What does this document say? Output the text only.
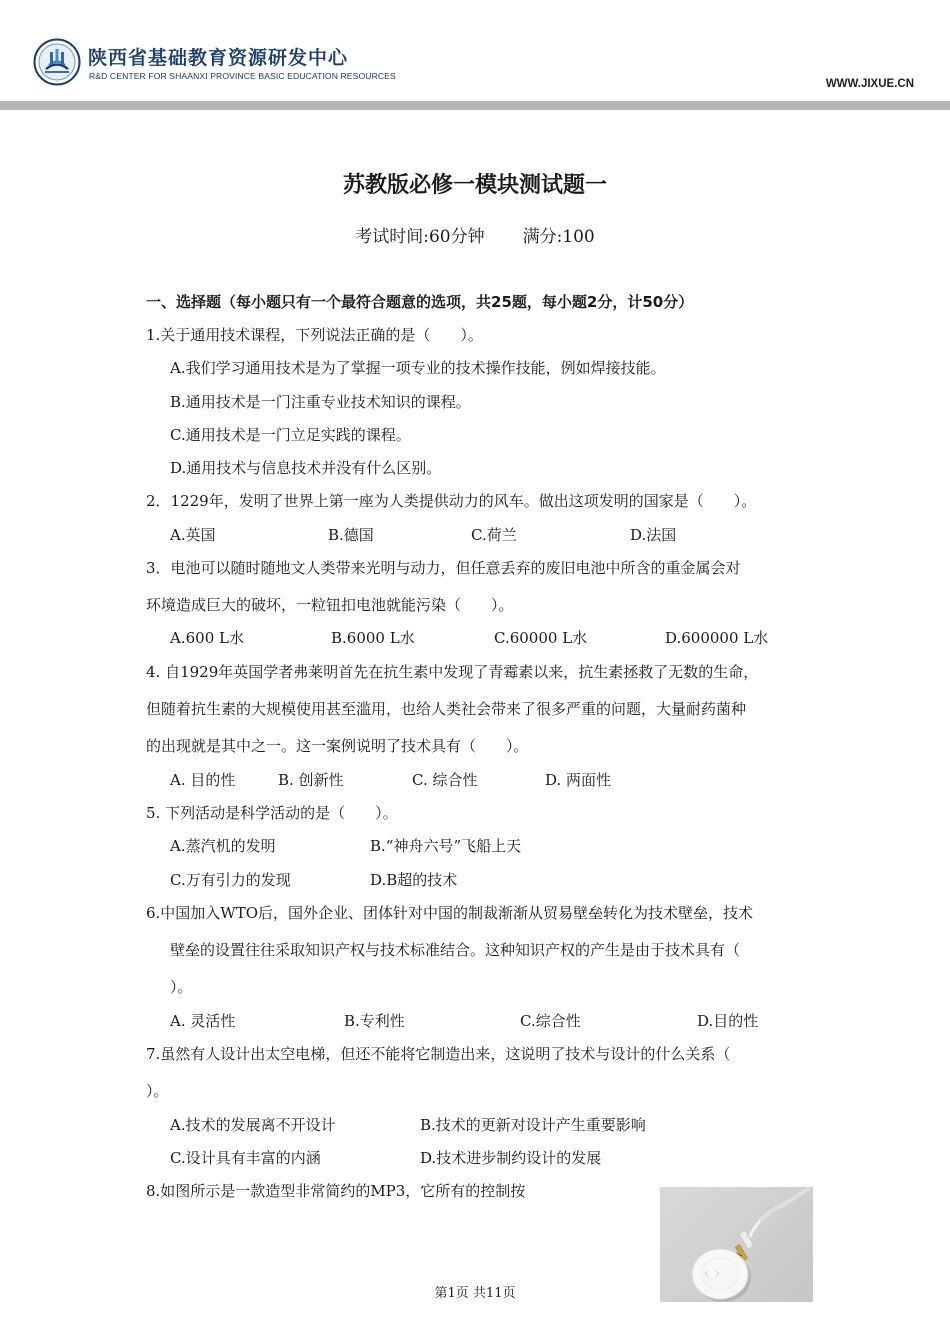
陕西省基础教育资源研发中心
R&D CENTER FOR SHAANXI PROVINCE BASIC EDUCATION RESOURCES
WWW.JIXUE.CN
苏教版必修一模块测试题一
考试时间:60分钟 满分:100
一、选择题（每小题只有一个最符合题意的选项，共25题，每小题2分，计50分）
1.关于通用技术课程，下列说法正确的是（　　）。
A.我们学习通用技术是为了掌握一项专业的技术操作技能，例如焊接技能。
B.通用技术是一门注重专业技术知识的课程。
C.通用技术是一门立足实践的课程。
D.通用技术与信息技术并没有什么区别。
2．1229年，发明了世界上第一座为人类提供动力的风车。做出这项发明的国家是（　　）。
A.英国	B.德国	C.荷兰	D.法国
3．电池可以随时随地文人类带来光明与动力，但任意丢弃的废旧电池中所含的重金属会对
环境造成巨大的破坏，一粒钮扣电池就能污染（　　）。
A.600 L水	B.6000 L水	C.60000 L水	D.600000 L水
4. 自1929年英国学者弗莱明首先在抗生素中发现了青霉素以来，抗生素拯救了无数的生命，
但随着抗生素的大规模使用甚至滥用，也给人类社会带来了很多严重的问题，大量耐药菌种
的出现就是其中之一。这一案例说明了技术具有（　　）。
A. 目的性	B. 创新性	C. 综合性	D. 两面性
5. 下列活动是科学活动的是（　　）。
A.蒸汽机的发明	B.“神舟六号”飞船上天
C.万有引力的发现	D.B超的技术
6.中国加入WTO后，国外企业、团体针对中国的制裁渐渐从贸易壁垒转化为技术壁垒，技术
壁垒的设置往往采取知识产权与技术标准结合。这种知识产权的产生是由于技术具有（
）。
A. 灵活性	B.专利性	C.综合性	D.目的性
7.虽然有人设计出太空电梯，但还不能将它制造出来，这说明了技术与设计的什么关系（
）。
A.技术的发展离不开设计	B.技术的更新对设计产生重要影响
C.设计具有丰富的内涵	D.技术进步制约设计的发展
8.如图所示是一款造型非常简约的MP3，它所有的控制按
第1页 共11页
